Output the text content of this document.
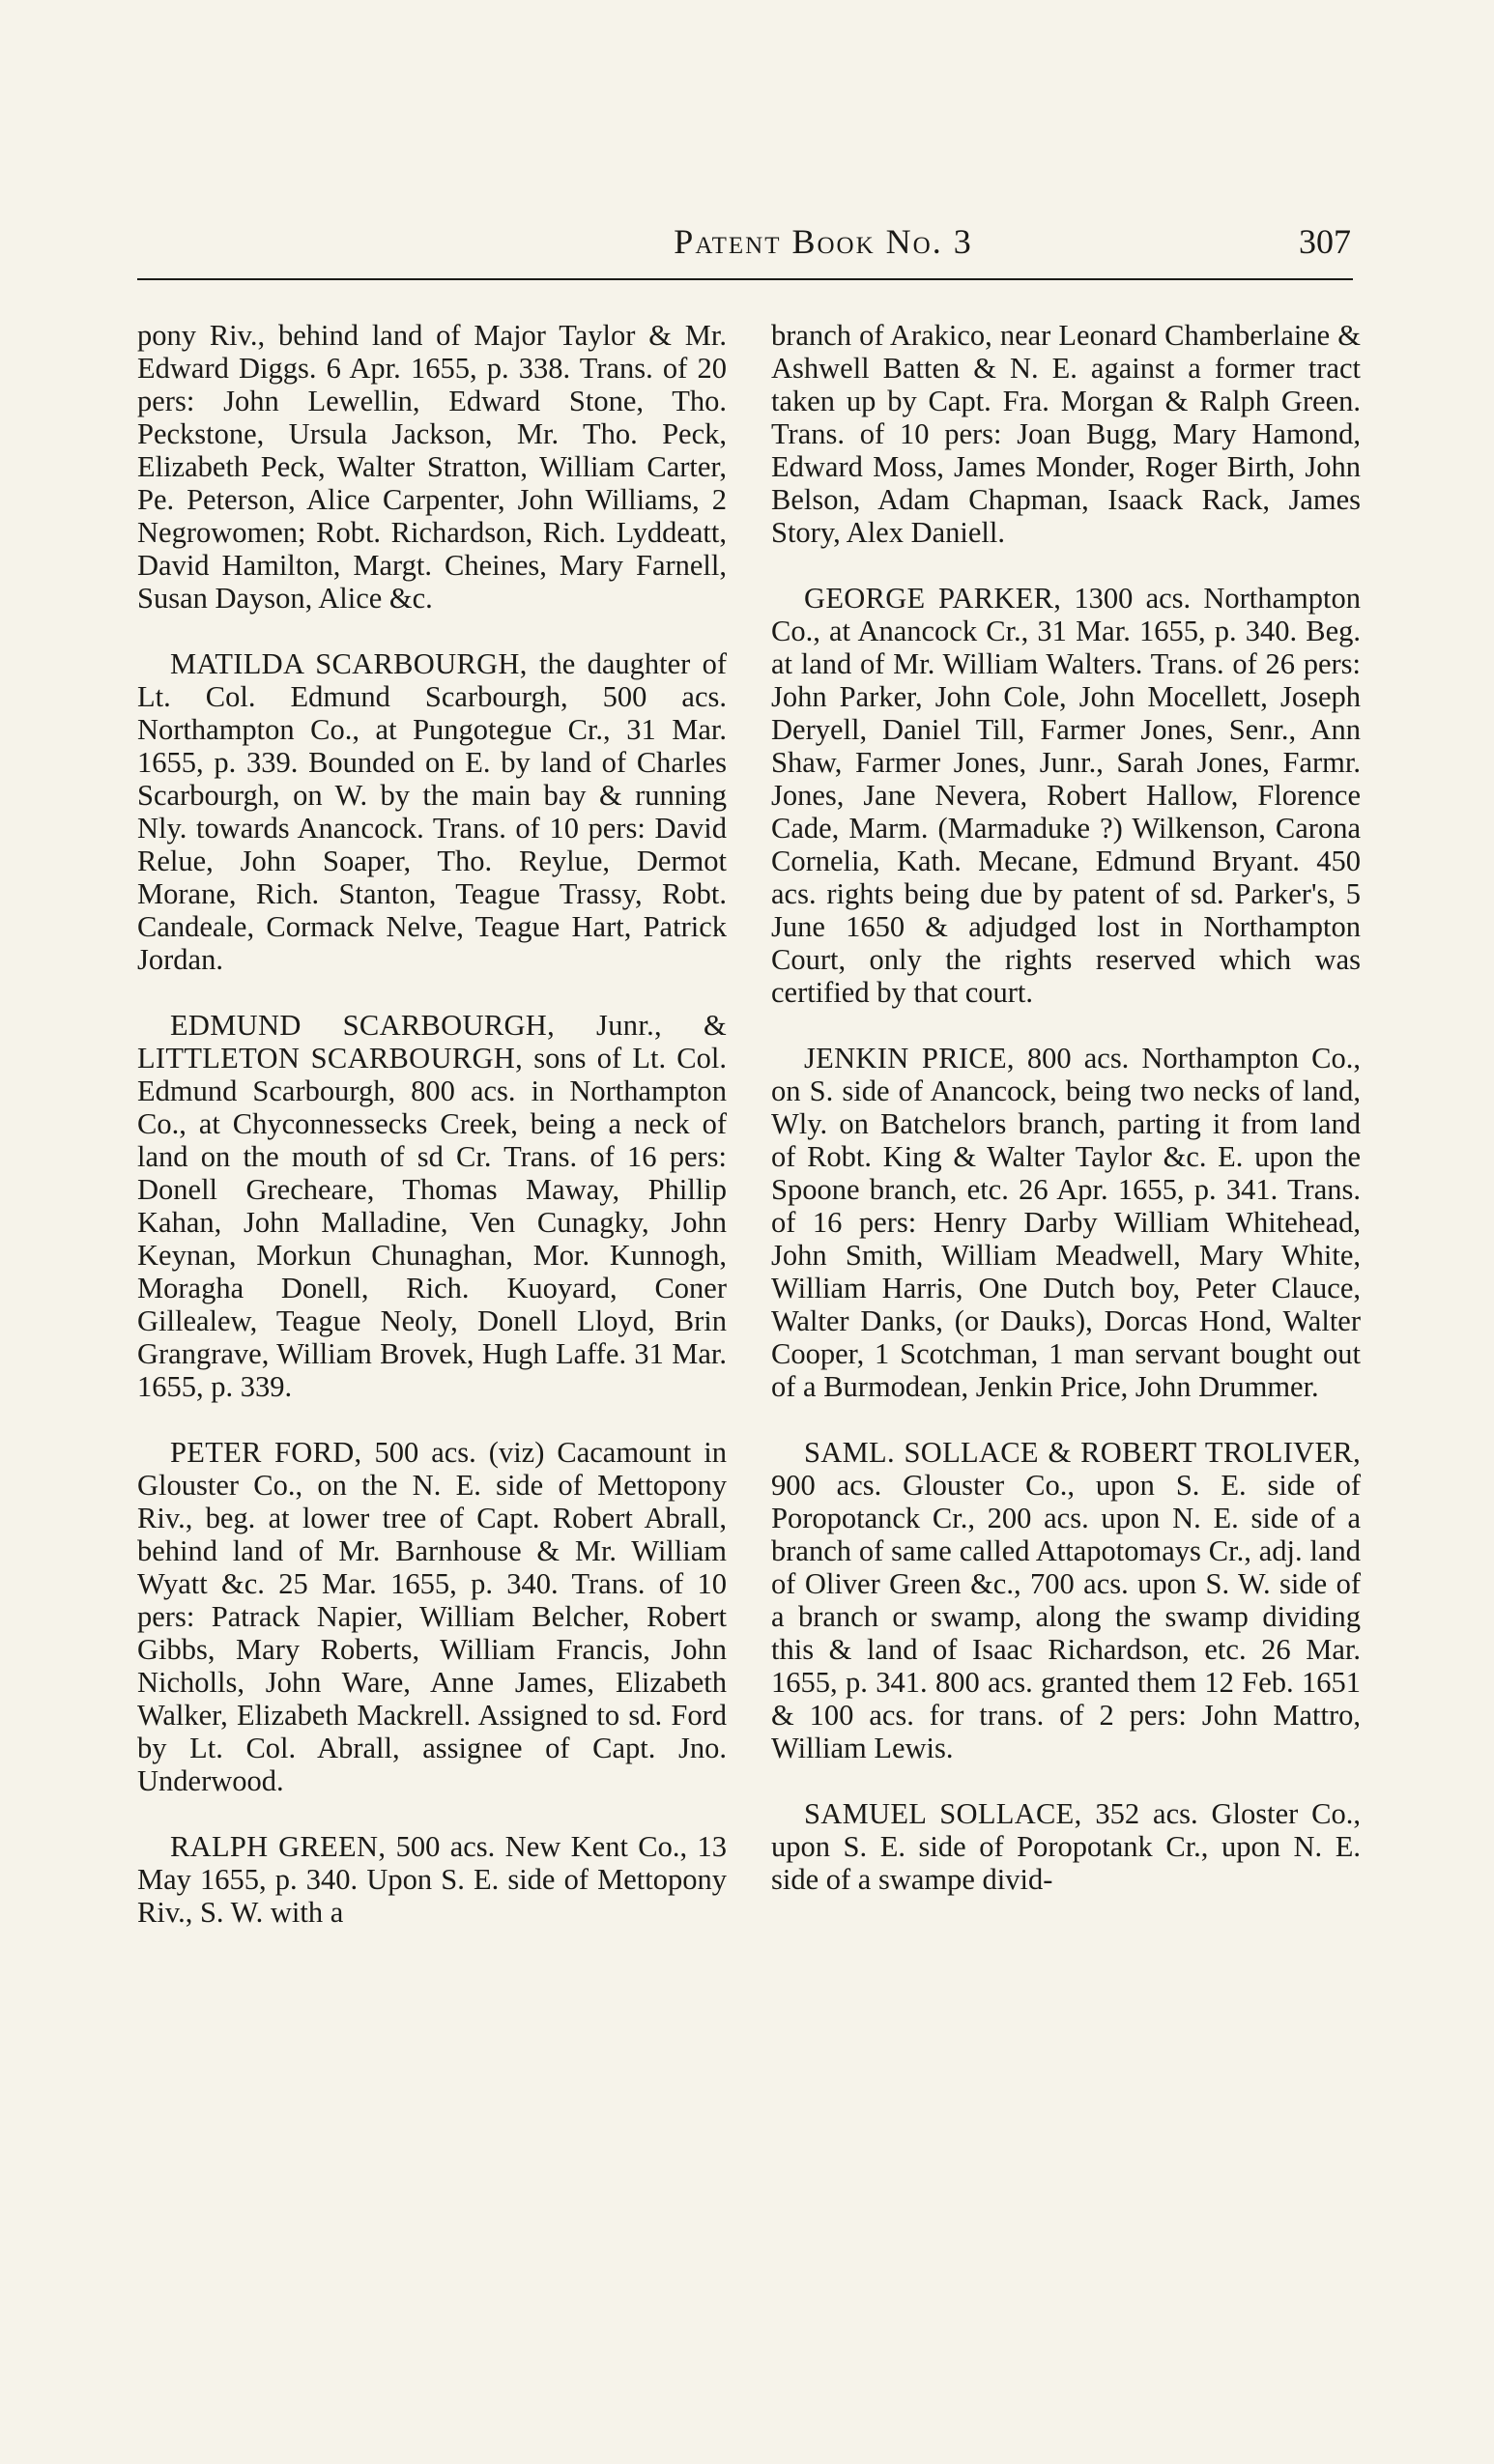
Patent Book No. 3	307

pony Riv., behind land of Major Taylor & Mr. Edward Diggs. 6 Apr. 1655, p. 338. Trans. of 20 pers: John Lewellin, Edward Stone, Tho. Peckstone, Ursula Jackson, Mr. Tho. Peck, Elizabeth Peck, Walter Stratton, William Carter, Pe. Peterson, Alice Carpenter, John Williams, 2 Negrowomen; Robt. Richardson, Rich. Lyddeatt, David Hamilton, Margt. Cheines, Mary Farnell, Susan Dayson, Alice &c.

MATILDA SCARBOURGH, the daughter of Lt. Col. Edmund Scarbourgh, 500 acs. Northampton Co., at Pungotegue Cr., 31 Mar. 1655, p. 339. Bounded on E. by land of Charles Scarbourgh, on W. by the main bay & running Nly. towards Anancock. Trans. of 10 pers: David Relue, John Soaper, Tho. Reylue, Dermot Morane, Rich. Stanton, Teague Trassy, Robt. Candeale, Cormack Nelve, Teague Hart, Patrick Jordan.

EDMUND SCARBOURGH, Junr., & LITTLETON SCARBOURGH, sons of Lt. Col. Edmund Scarbourgh, 800 acs. in Northampton Co., at Chyconnessecks Creek, being a neck of land on the mouth of sd Cr. Trans. of 16 pers: Donell Grecheare, Thomas Maway, Phillip Kahan, John Malladine, Ven Cunagky, John Keynan, Morkun Chunaghan, Mor. Kunnogh, Moragha Donell, Rich. Kuoyard, Coner Gillealew, Teague Neoly, Donell Lloyd, Brin Grangrave, William Brovek, Hugh Laffe. 31 Mar. 1655, p. 339.

PETER FORD, 500 acs. (viz) Cacamount in Glouster Co., on the N. E. side of Mettopony Riv., beg. at lower tree of Capt. Robert Abrall, behind land of Mr. Barnhouse & Mr. William Wyatt &c. 25 Mar. 1655, p. 340. Trans. of 10 pers: Patrack Napier, William Belcher, Robert Gibbs, Mary Roberts, William Francis, John Nicholls, John Ware, Anne James, Elizabeth Walker, Elizabeth Mackrell. Assigned to sd. Ford by Lt. Col. Abrall, assignee of Capt. Jno. Underwood.

RALPH GREEN, 500 acs. New Kent Co., 13 May 1655, p. 340. Upon S. E. side of Mettopony Riv., S. W. with a

branch of Arakico, near Leonard Chamberlaine & Ashwell Batten & N. E. against a former tract taken up by Capt. Fra. Morgan & Ralph Green. Trans. of 10 pers: Joan Bugg, Mary Hamond, Edward Moss, James Monder, Roger Birth, John Belson, Adam Chapman, Isaack Rack, James Story, Alex Daniell.

GEORGE PARKER, 1300 acs. Northampton Co., at Anancock Cr., 31 Mar. 1655, p. 340. Beg. at land of Mr. William Walters. Trans. of 26 pers: John Parker, John Cole, John Mocellett, Joseph Deryell, Daniel Till, Farmer Jones, Senr., Ann Shaw, Farmer Jones, Junr., Sarah Jones, Farmr. Jones, Jane Nevera, Robert Hallow, Florence Cade, Marm. (Marmaduke ?) Wilkenson, Carona Cornelia, Kath. Mecane, Edmund Bryant. 450 acs. rights being due by patent of sd. Parker's, 5 June 1650 & adjudged lost in Northampton Court, only the rights reserved which was certified by that court.

JENKIN PRICE, 800 acs. Northampton Co., on S. side of Anancock, being two necks of land, Wly. on Batchelors branch, parting it from land of Robt. King & Walter Taylor &c. E. upon the Spoone branch, etc. 26 Apr. 1655, p. 341. Trans. of 16 pers: Henry Darby William Whitehead, John Smith, William Meadwell, Mary White, William Harris, One Dutch boy, Peter Clauce, Walter Danks, (or Dauks), Dorcas Hond, Walter Cooper, 1 Scotchman, 1 man servant bought out of a Burmodean, Jenkin Price, John Drummer.

SAML. SOLLACE & ROBERT TROLIVER, 900 acs. Glouster Co., upon S. E. side of Poropotanck Cr., 200 acs. upon N. E. side of a branch of same called Attapotomays Cr., adj. land of Oliver Green &c., 700 acs. upon S. W. side of a branch or swamp, along the swamp dividing this & land of Isaac Richardson, etc. 26 Mar. 1655, p. 341. 800 acs. granted them 12 Feb. 1651 & 100 acs. for trans. of 2 pers: John Mattro, William Lewis.

SAMUEL SOLLACE, 352 acs. Gloster Co., upon S. E. side of Poropotank Cr., upon N. E. side of a swampe divid-
